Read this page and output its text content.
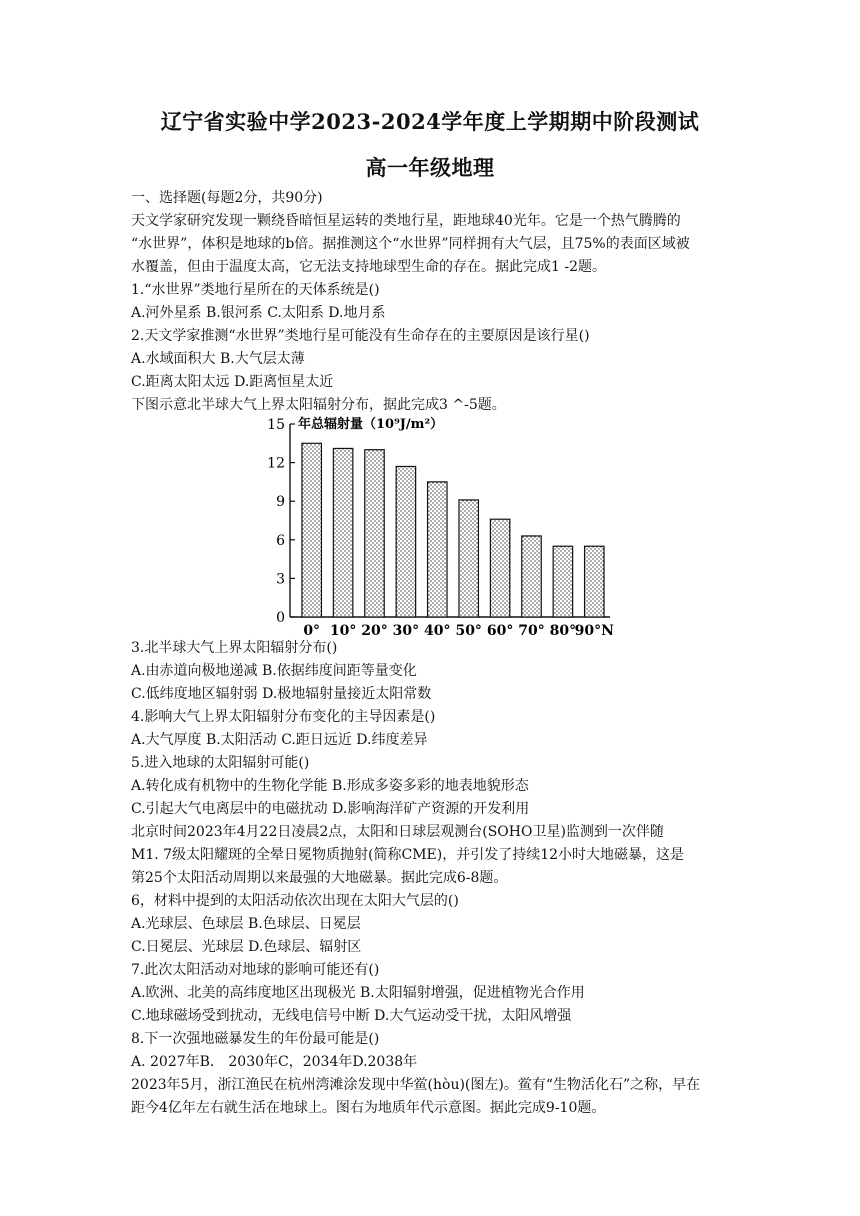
辽宁省实验中学2023-2024学年度上学期期中阶段测试
高一年级地理
一、选择题(每题2分，共90分)
天文学家研究发现一颗绕昏暗恒星运转的类地行星，距地球40光年。它是一个热气腾腾的
“水世界”，体积是地球的b倍。据推测这个“水世界”同样拥有大气层，且75%的表面区域被
水覆盖，但由于温度太高，它无法支持地球型生命的存在。据此完成1 -2题。
1.“水世界”类地行星所在的天体系统是()
A.河外星系 B.银河系 C.太阳系 D.地月系
2.天文学家推测“水世界”类地行星可能没有生命存在的主要原因是该行星()
A.水域面积大 B.大气层太薄
C.距离太阳太远 D.距离恒星太近
下图示意北半球大气上界太阳辐射分布，据此完成3 ^-5题。
0
3
6
9
12
15 年总辐射量（10⁹J/m²）
0° 10° 20° 30° 40° 50° 60° 70° 80°
90°N
3.北半球大气上界太阳辐射分布()
A.由赤道向极地递减 B.依据纬度间距等量变化
C.低纬度地区辐射弱 D.极地辐射量接近太阳常数
4.影响大气上界太阳辐射分布变化的主导因素是()
A.大气厚度 B.太阳活动 C.距日远近 D.纬度差异
5.进入地球的太阳辐射可能()
A.转化成有机物中的生物化学能 B.形成多姿多彩的地表地貌形态
C.引起大气电离层中的电磁扰动 D.影响海洋矿产资源的开发利用
北京时间2023年4月22日凌晨2点，太阳和日球层观测台(SOHO卫星)监测到一次伴随
M1. 7级太阳耀斑的全晕日冕物质抛射(简称CME)，并引发了持续12小时大地磁暴，这是
第25个太阳活动周期以来最强的大地磁暴。据此完成6-8题。
6，材料中提到的太阳活动依次出现在太阳大气层的()
A.光球层、色球层 B.色球层、日冕层
C.日冕层、光球层 D.色球层、辐射区
7.此次太阳活动对地球的影响可能还有()
A.欧洲、北美的高纬度地区出现极光 B.太阳辐射增强，促进植物光合作用
C.地球磁场受到扰动，无线电信号中断 D.大气运动受干扰，太阳风增强
8.下一次强地磁暴发生的年份最可能是()
A. 2027年B． 2030年C，2034年D.2038年
2023年5月，浙江渔民在杭州湾滩涂发现中华鲎(hòu)(图左)。鲎有“生物活化石”之称，早在
距今4亿年左右就生活在地球上。图右为地质年代示意图。据此完成9-10题。
